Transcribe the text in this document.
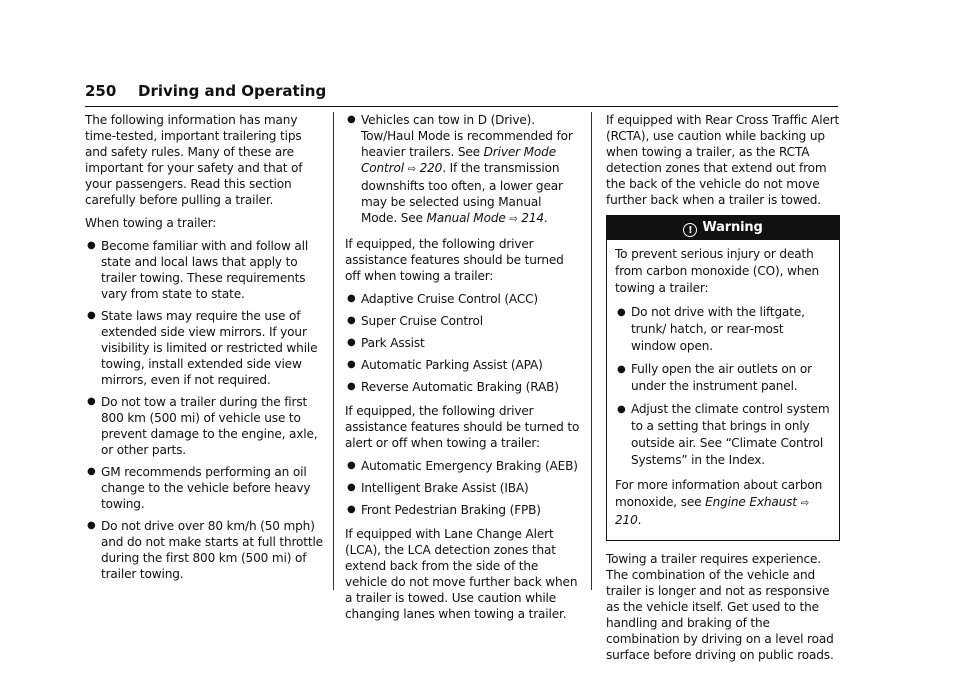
250 Driving and Operating

The following information has many time-tested, important trailering tips and safety rules. Many of these are important for your safety and that of your passengers. Read this section carefully before pulling a trailer.

When towing a trailer:

● Become familiar with and follow all state and local laws that apply to trailer towing. These requirements vary from state to state.
● State laws may require the use of extended side view mirrors. If your visibility is limited or restricted while towing, install extended side view mirrors, even if not required.
● Do not tow a trailer during the first 800 km (500 mi) of vehicle use to prevent damage to the engine, axle, or other parts.
● GM recommends performing an oil change to the vehicle before heavy towing.
● Do not drive over 80 km/h (50 mph) and do not make starts at full throttle during the first 800 km (500 mi) of trailer towing.
● Vehicles can tow in D (Drive). Tow/Haul Mode is recommended for heavier trailers. See Driver Mode Control ⇨ 220. If the transmission downshifts too often, a lower gear may be selected using Manual Mode. See Manual Mode ⇨ 214.

If equipped, the following driver assistance features should be turned off when towing a trailer:

● Adaptive Cruise Control (ACC)
● Super Cruise Control
● Park Assist
● Automatic Parking Assist (APA)
● Reverse Automatic Braking (RAB)

If equipped, the following driver assistance features should be turned to alert or off when towing a trailer:

● Automatic Emergency Braking (AEB)
● Intelligent Brake Assist (IBA)
● Front Pedestrian Braking (FPB)

If equipped with Lane Change Alert (LCA), the LCA detection zones that extend back from the side of the vehicle do not move further back when a trailer is towed. Use caution while changing lanes when towing a trailer.

If equipped with Rear Cross Traffic Alert (RCTA), use caution while backing up when towing a trailer, as the RCTA detection zones that extend out from the back of the vehicle do not move further back when a trailer is towed.

! Warning

To prevent serious injury or death from carbon monoxide (CO), when towing a trailer:

● Do not drive with the liftgate, trunk/ hatch, or rear-most window open.
● Fully open the air outlets on or under the instrument panel.
● Adjust the climate control system to a setting that brings in only outside air. See “Climate Control Systems” in the Index.

For more information about carbon monoxide, see Engine Exhaust ⇨ 210.

Towing a trailer requires experience. The combination of the vehicle and trailer is longer and not as responsive as the vehicle itself. Get used to the handling and braking of the combination by driving on a level road surface before driving on public roads.
